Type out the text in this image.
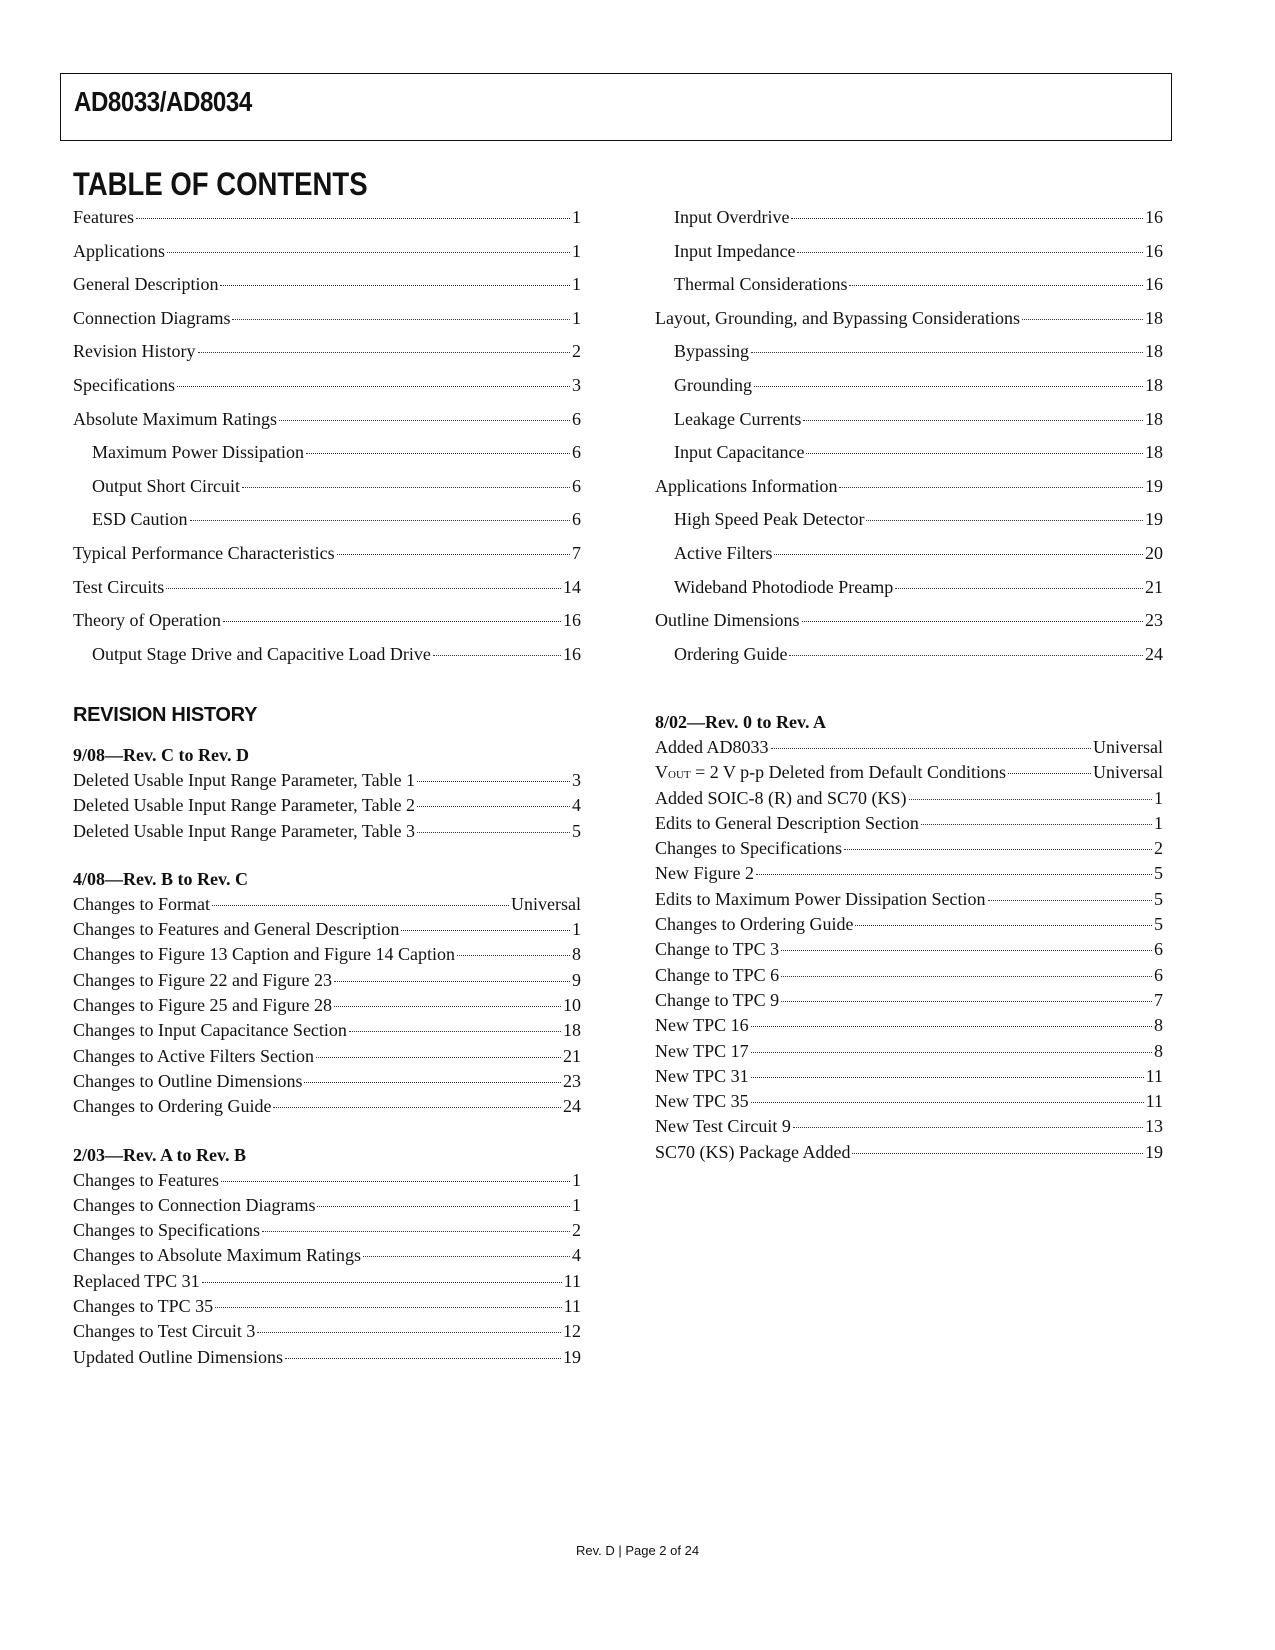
AD8033/AD8034
TABLE OF CONTENTS
Features	1
Applications	1
General Description	1
Connection Diagrams	1
Revision History	2
Specifications	3
Absolute Maximum Ratings	6
Maximum Power Dissipation	6
Output Short Circuit	6
ESD Caution	6
Typical Performance Characteristics	7
Test Circuits	14
Theory of Operation	16
Output Stage Drive and Capacitive Load Drive	16
Input Overdrive	16
Input Impedance	16
Thermal Considerations	16
Layout, Grounding, and Bypassing Considerations	18
Bypassing	18
Grounding	18
Leakage Currents	18
Input Capacitance	18
Applications Information	19
High Speed Peak Detector	19
Active Filters	20
Wideband Photodiode Preamp	21
Outline Dimensions	23
Ordering Guide	24
REVISION HISTORY
9/08—Rev. C to Rev. D
Deleted Usable Input Range Parameter, Table 1	3
Deleted Usable Input Range Parameter, Table 2	4
Deleted Usable Input Range Parameter, Table 3	5
4/08—Rev. B to Rev. C
Changes to Format	Universal
Changes to Features and General Description	1
Changes to Figure 13 Caption and Figure 14 Caption	8
Changes to Figure 22 and Figure 23	9
Changes to Figure 25 and Figure 28	10
Changes to Input Capacitance Section	18
Changes to Active Filters Section	21
Changes to Outline Dimensions	23
Changes to Ordering Guide	24
2/03—Rev. A to Rev. B
Changes to Features	1
Changes to Connection Diagrams	1
Changes to Specifications	2
Changes to Absolute Maximum Ratings	4
Replaced TPC 31	11
Changes to TPC 35	11
Changes to Test Circuit 3	12
Updated Outline Dimensions	19
8/02—Rev. 0 to Rev. A
Added AD8033	Universal
VOUT = 2 V p-p Deleted from Default Conditions	Universal
Added SOIC-8 (R) and SC70 (KS)	1
Edits to General Description Section	1
Changes to Specifications	2
New Figure 2	5
Edits to Maximum Power Dissipation Section	5
Changes to Ordering Guide	5
Change to TPC 3	6
Change to TPC 6	6
Change to TPC 9	7
New TPC 16	8
New TPC 17	8
New TPC 31	11
New TPC 35	11
New Test Circuit 9	13
SC70 (KS) Package Added	19
Rev. D | Page 2 of 24
